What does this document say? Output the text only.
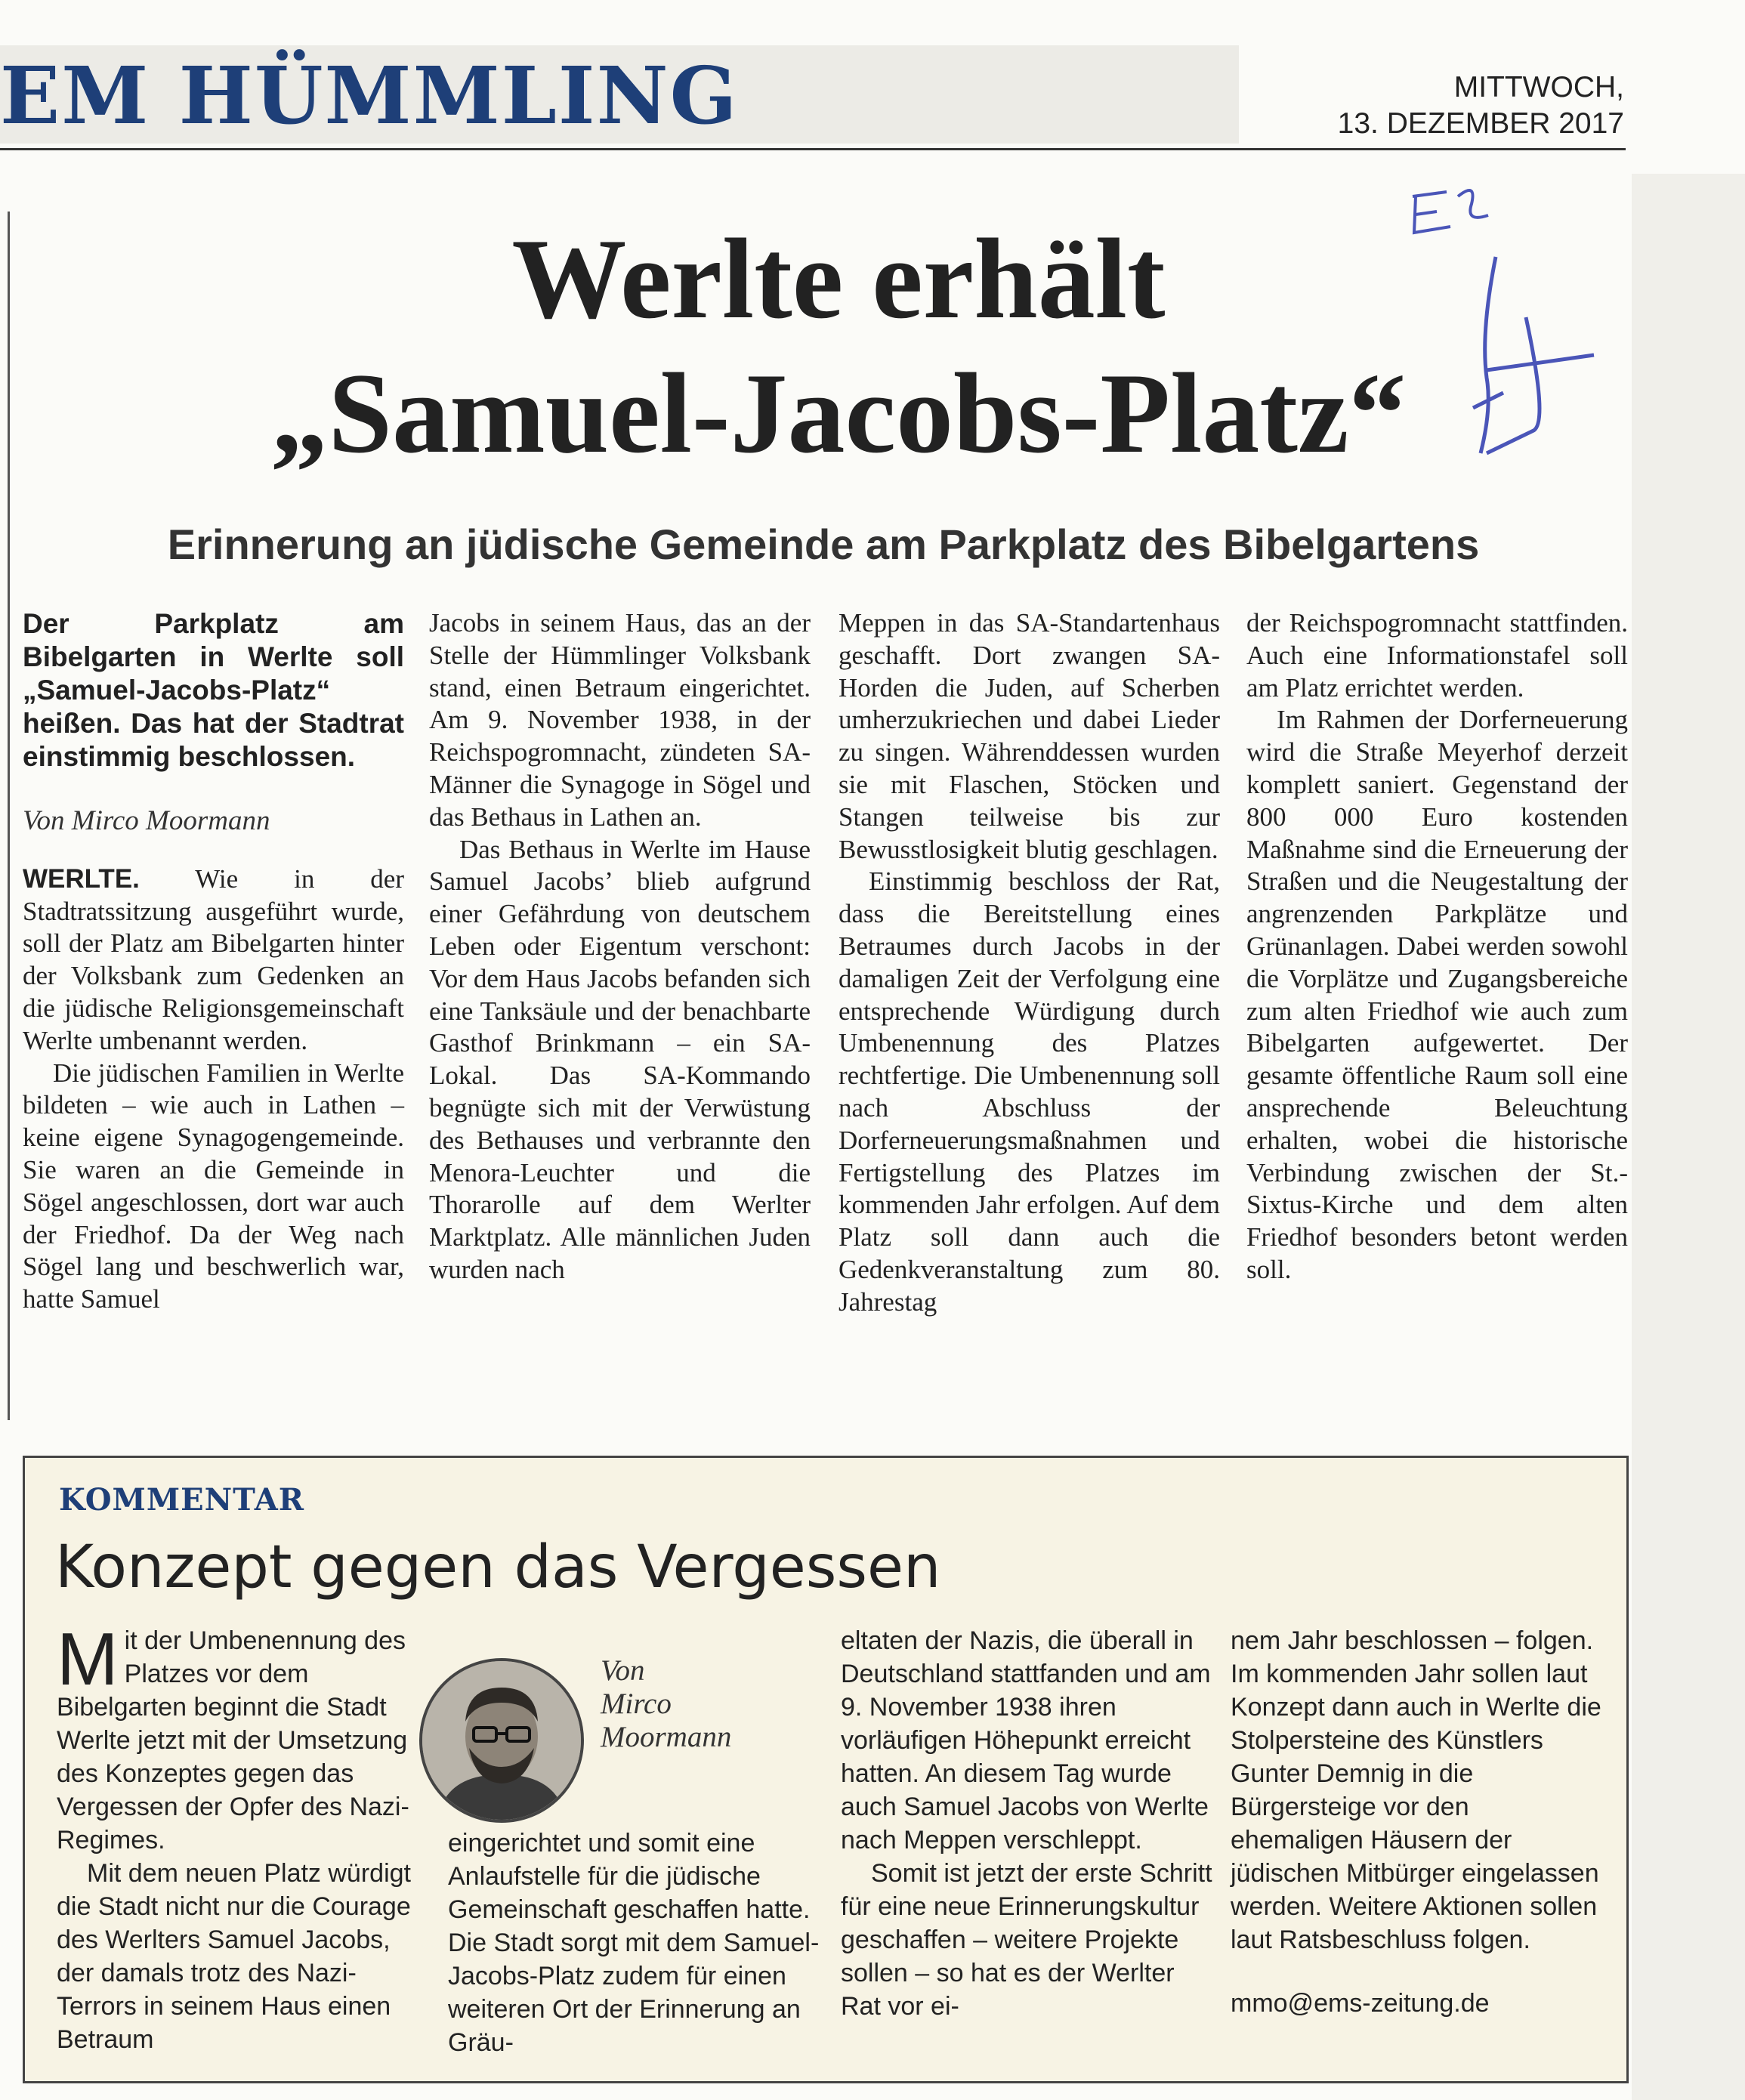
EM HÜMMLING	MITTWOCH,
13. DEZEMBER 2017
Werlte erhält
„Samuel-Jacobs-Platz“
Erinnerung an jüdische Gemeinde am Parkplatz des Bibelgartens
Der Parkplatz am Bibelgarten in Werlte soll „Samuel-Jacobs-Platz“ heißen. Das hat der Stadtrat einstimmig beschlossen.
Von Mirco Moormann

WERLTE. Wie in der Stadtratssitzung ausgeführt wurde, soll der Platz am Bibelgarten hinter der Volksbank zum Gedenken an die jüdische Religionsgemeinschaft Werlte umbenannt werden.

Die jüdischen Familien in Werlte bildeten – wie auch in Lathen – keine eigene Synagogengemeinde. Sie waren an die Gemeinde in Sögel angeschlossen, dort war auch der Friedhof. Da der Weg nach Sögel lang und beschwerlich war, hatte Samuel

Jacobs in seinem Haus, das an der Stelle der Hümmlinger Volksbank stand, einen Betraum eingerichtet. Am 9. November 1938, in der Reichspogromnacht, zündeten SA-Männer die Synagoge in Sögel und das Bethaus in Lathen an.

Das Bethaus in Werlte im Hause Samuel Jacobs’ blieb aufgrund einer Gefährdung von deutschem Leben oder Eigentum verschont: Vor dem Haus Jacobs befanden sich eine Tanksäule und der benachbarte Gasthof Brinkmann – ein SA-Lokal. Das SA-Kommando begnügte sich mit der Verwüstung des Bethauses und verbrannte den Menora-Leuchter und die Thorarolle auf dem Werlter Marktplatz. Alle männlichen Juden wurden nach

Meppen in das SA-Standartenhaus geschafft. Dort zwangen SA-Horden die Juden, auf Scherben umherzukriechen und dabei Lieder zu singen. Währenddessen wurden sie mit Flaschen, Stöcken und Stangen teilweise bis zur Bewusstlosigkeit blutig geschlagen.

Einstimmig beschloss der Rat, dass die Bereitstellung eines Betraumes durch Jacobs in der damaligen Zeit der Verfolgung eine entsprechende Würdigung durch Umbenennung des Platzes rechtfertige. Die Umbenennung soll nach Abschluss der Dorferneuerungsmaßnahmen und Fertigstellung des Platzes im kommenden Jahr erfolgen. Auf dem Platz soll dann auch die Gedenkveranstaltung zum 80. Jahrestag

der Reichspogromnacht stattfinden. Auch eine Informationstafel soll am Platz errichtet werden.

Im Rahmen der Dorferneuerung wird die Straße Meyerhof derzeit komplett saniert. Gegenstand der 800 000 Euro kostenden Maßnahme sind die Erneuerung der Straßen und die Neugestaltung der angrenzenden Parkplätze und Grünanlagen. Dabei werden sowohl die Vorplätze und Zugangsbereiche zum alten Friedhof wie auch zum Bibelgarten aufgewertet. Der gesamte öffentliche Raum soll eine ansprechende Beleuchtung erhalten, wobei die historische Verbindung zwischen der St.-Sixtus-Kirche und dem alten Friedhof besonders betont werden soll.

KOMMENTAR
Konzept gegen das Vergessen

Mit der Umbenennung des Platzes vor dem Bibelgarten beginnt die Stadt Werlte jetzt mit der Umsetzung des Konzeptes gegen das Vergessen der Opfer des Nazi-Regimes.

Mit dem neuen Platz würdigt die Stadt nicht nur die Courage des Werlters Samuel Jacobs, der damals trotz des Nazi-Terrors in seinem Haus einen Betraum

eingerichtet und somit eine Anlaufstelle für die jüdische Gemeinschaft geschaffen hatte. Die Stadt sorgt mit dem Samuel-Jacobs-Platz zudem für einen weiteren Ort der Erinnerung an Gräu-

eltaten der Nazis, die überall in Deutschland stattfanden und am 9. November 1938 ihren vorläufigen Höhepunkt erreicht hatten. An diesem Tag wurde auch Samuel Jacobs von Werlte nach Meppen verschleppt.

Somit ist jetzt der erste Schritt für eine neue Erinnerungskultur geschaffen – weitere Projekte sollen – so hat es der Werlter Rat vor ei-

nem Jahr beschlossen – folgen. Im kommenden Jahr sollen laut Konzept dann auch in Werlte die Stolpersteine des Künstlers Gunter Demnig in die Bürgersteige vor den ehemaligen Häusern der jüdischen Mitbürger eingelassen werden. Weitere Aktionen sollen laut Ratsbeschluss folgen.

mmo@ems-zeitung.de

Von
Mirco
Moormann
